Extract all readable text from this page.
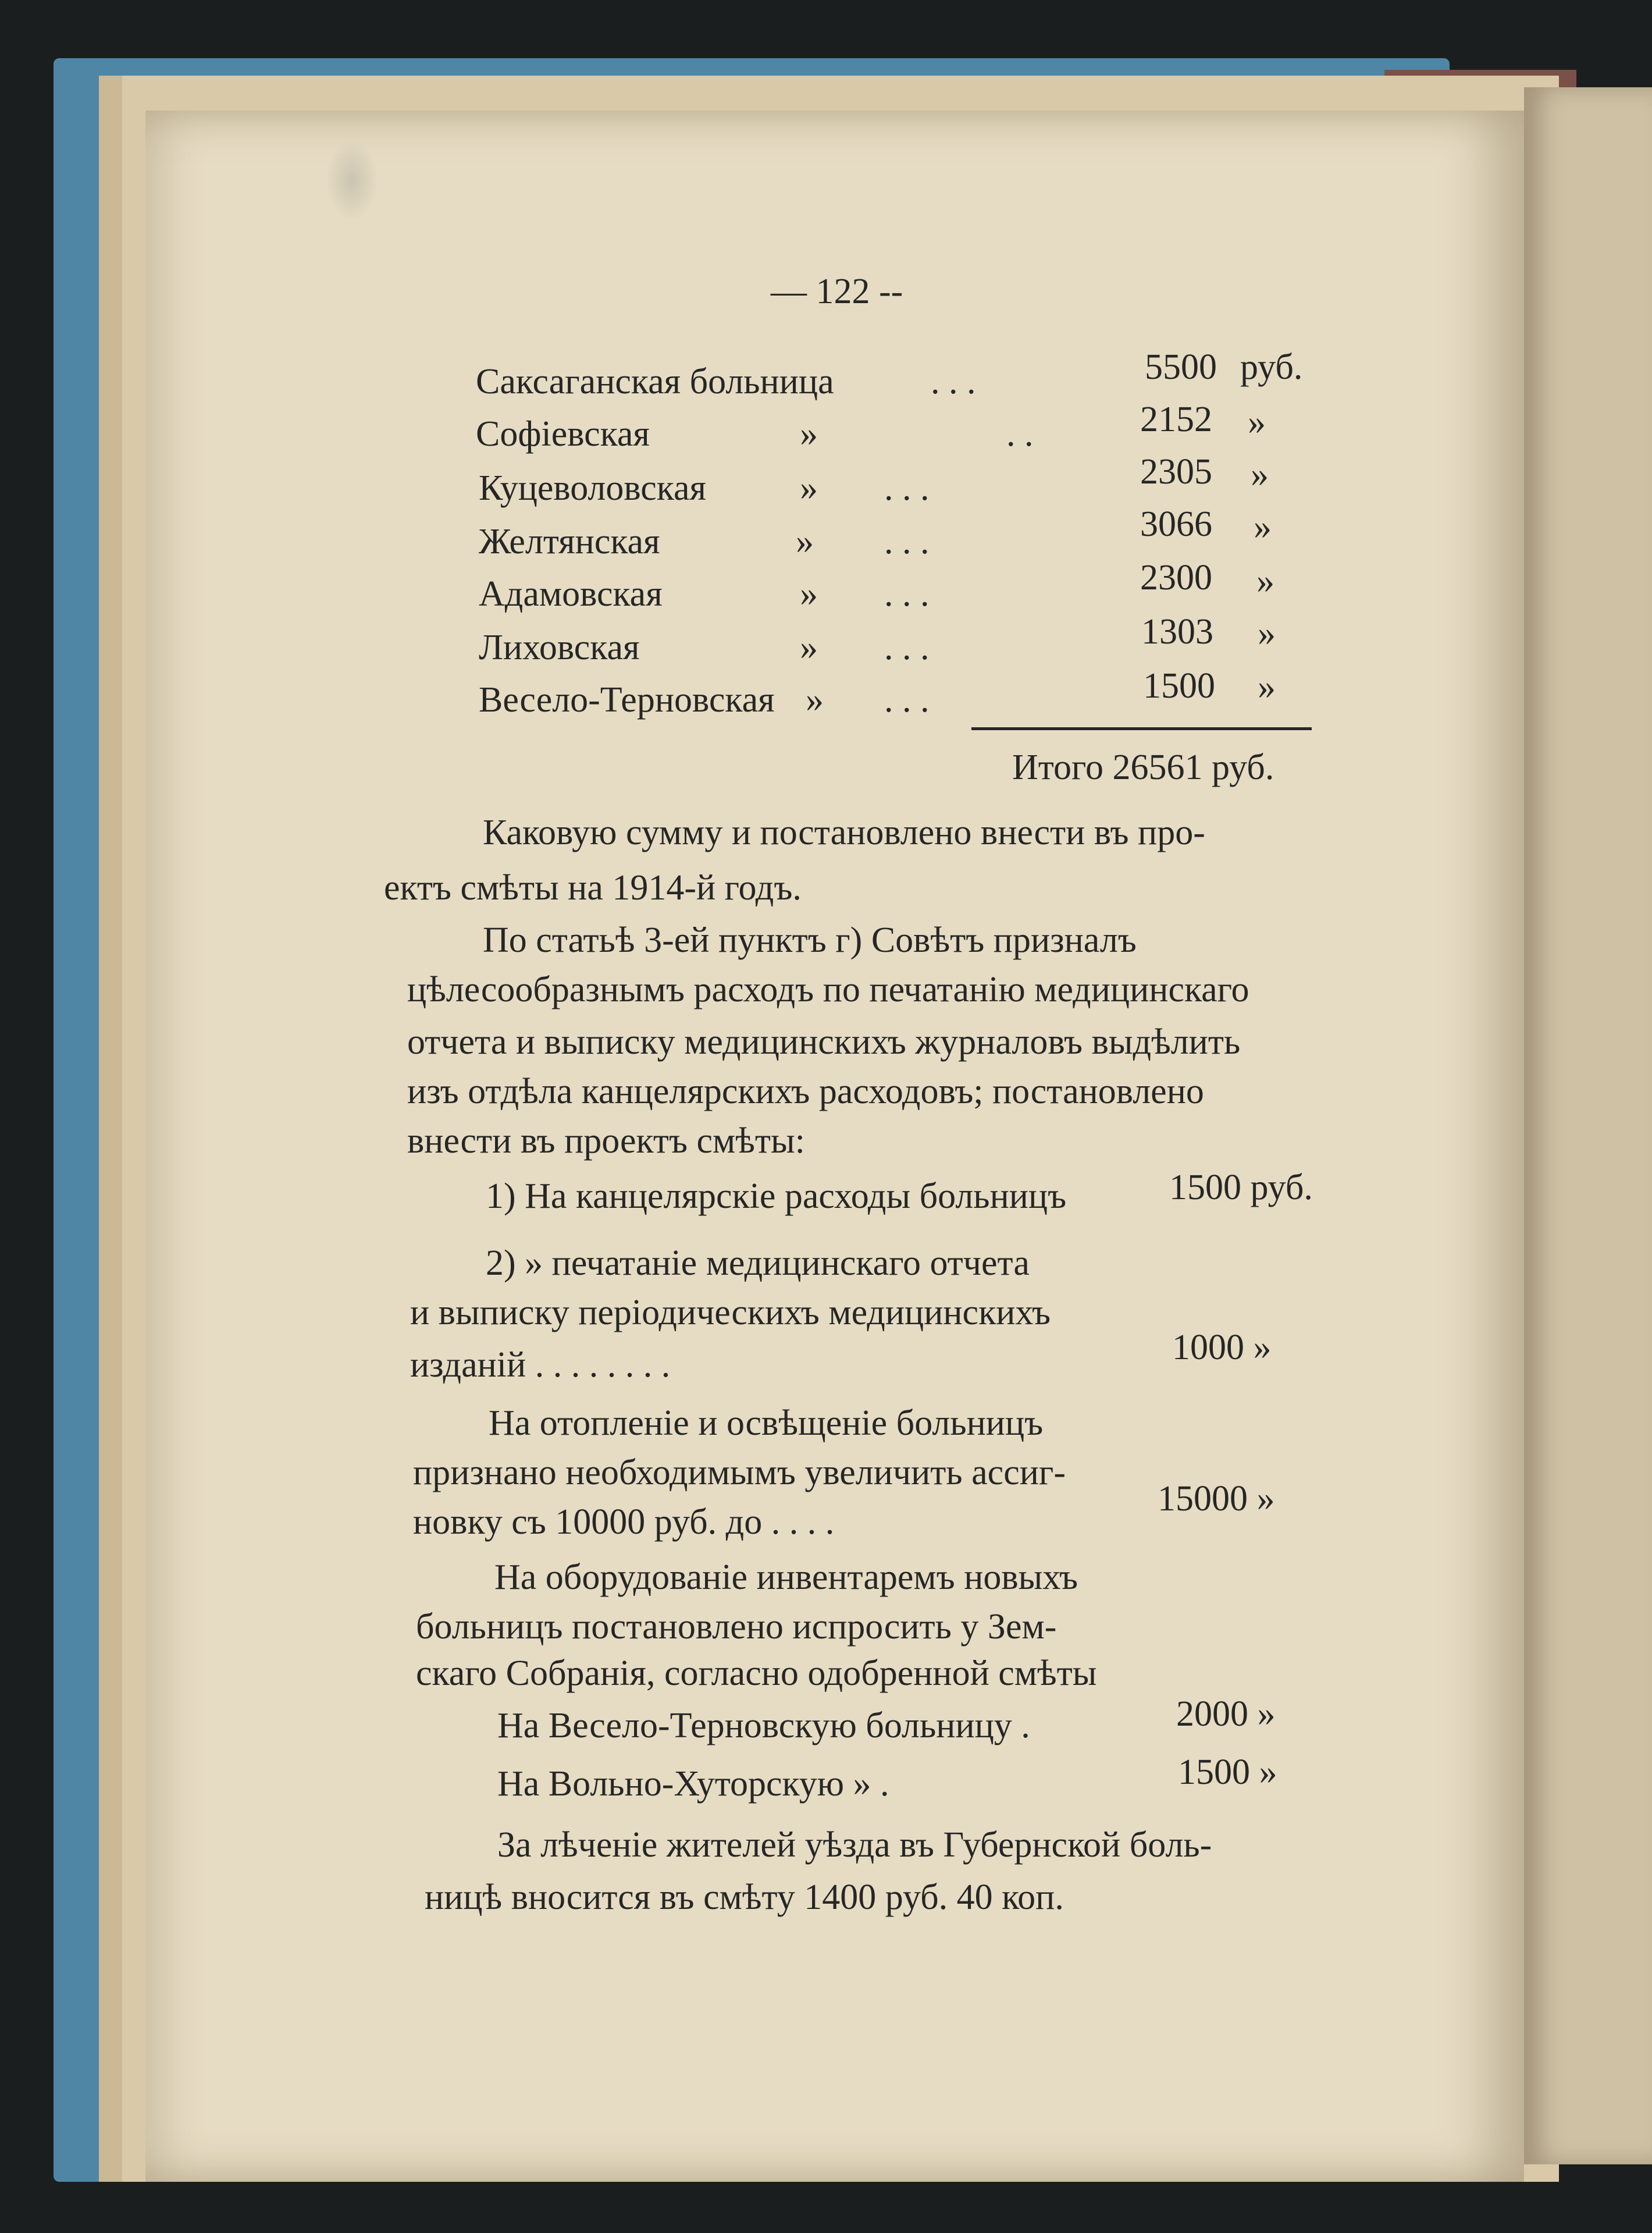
— 122 --
Саксаганская больница	. . .	5500 руб.
Софіевская	»	. .	2152 »
Куцеволовская	» . . .	2305 »
Желтянская	» . . .	3066 »
Адамовская	» . . .	2300 »
Лиховская	» . . .	1303 »
Весело-Терновская » . . .	1500 »
Итого 26561 руб.
Каковую сумму и постановлено внести въ про-
ектъ смѣты на 1914-й годъ.
По статьѣ 3-ей пунктъ г) Совѣтъ призналъ
цѣлесообразнымъ расходъ по печатанію медицинскаго
отчета и выписку медицинскихъ журналовъ выдѣлить
изъ отдѣла канцелярскихъ расходовъ; постановлено
внести въ проектъ смѣты:
1) На канцелярскіе расходы больницъ	1500 руб.
2) » печатаніе медицинскаго отчета
и выписку періодическихъ медицинскихъ
изданій . . . . . . . .	1000 »
На отопленіе и освѣщеніе больницъ
признано необходимымъ увеличить ассиг-
новку съ 10000 руб. до . . . .
15000 »
На оборудованіе инвентаремъ новыхъ
больницъ постановлено испросить у Зем-
скаго Собранія, согласно одобренной смѣты
На Весело-Терновскую больницу .	2000 »
На Вольно-Хуторскую » .	1500 »
За лѣченіе жителей уѣзда въ Губернской боль-
ницѣ вносится въ смѣту 1400 руб. 40 коп.
